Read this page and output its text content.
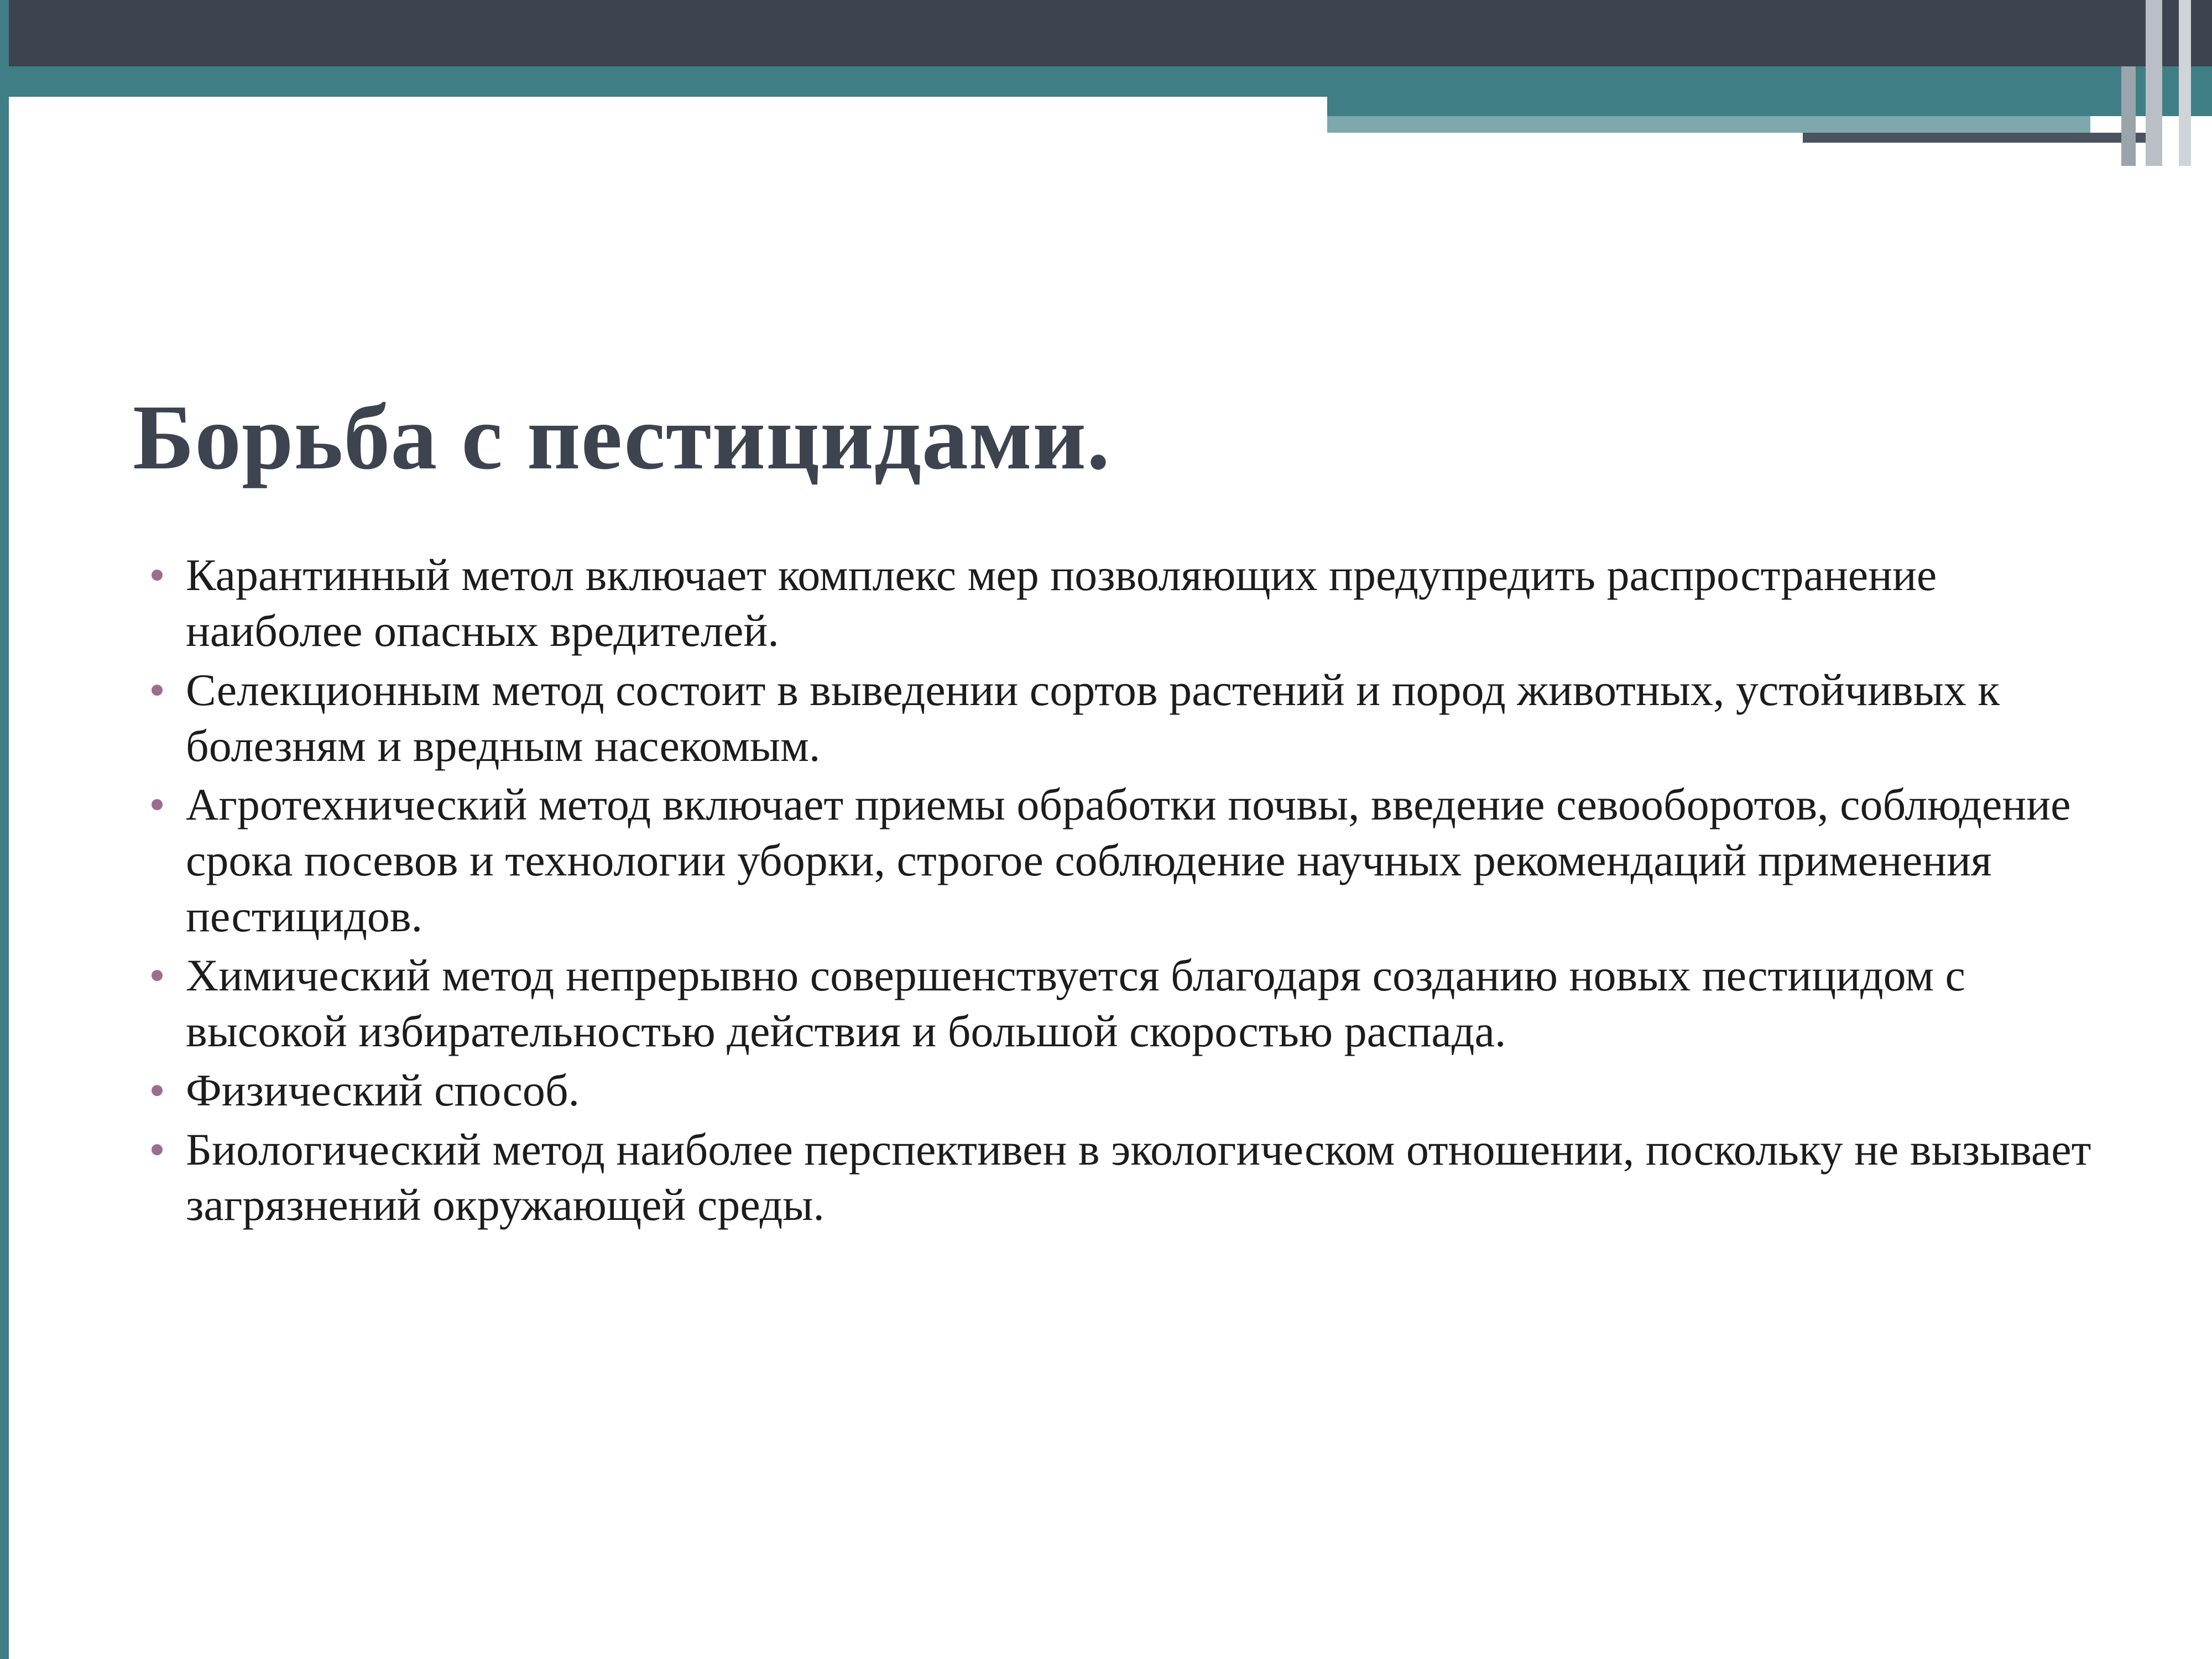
Борьба с пестицидами.
Карантинный метол включает комплекс мер позволяющих предупредить распространение наиболее опасных вредителей.
Селекционным метод состоит в выведении сортов растений и пород животных, устойчивых к болезням и вредным насекомым.
Агротехнический метод включает приемы обработки почвы, введение севооборотов, соблюдение срока посевов и технологии уборки, строгое соблюдение научных рекомендаций применения пестицидов.
Химический метод непрерывно совершенствуется благодаря созданию новых пестицидом с высокой избирательностью действия и большой скоростью распада.
Физический способ.
Биологический метод наиболее перспективен в экологическом отношении, поскольку не вызывает загрязнений окружающей среды.
